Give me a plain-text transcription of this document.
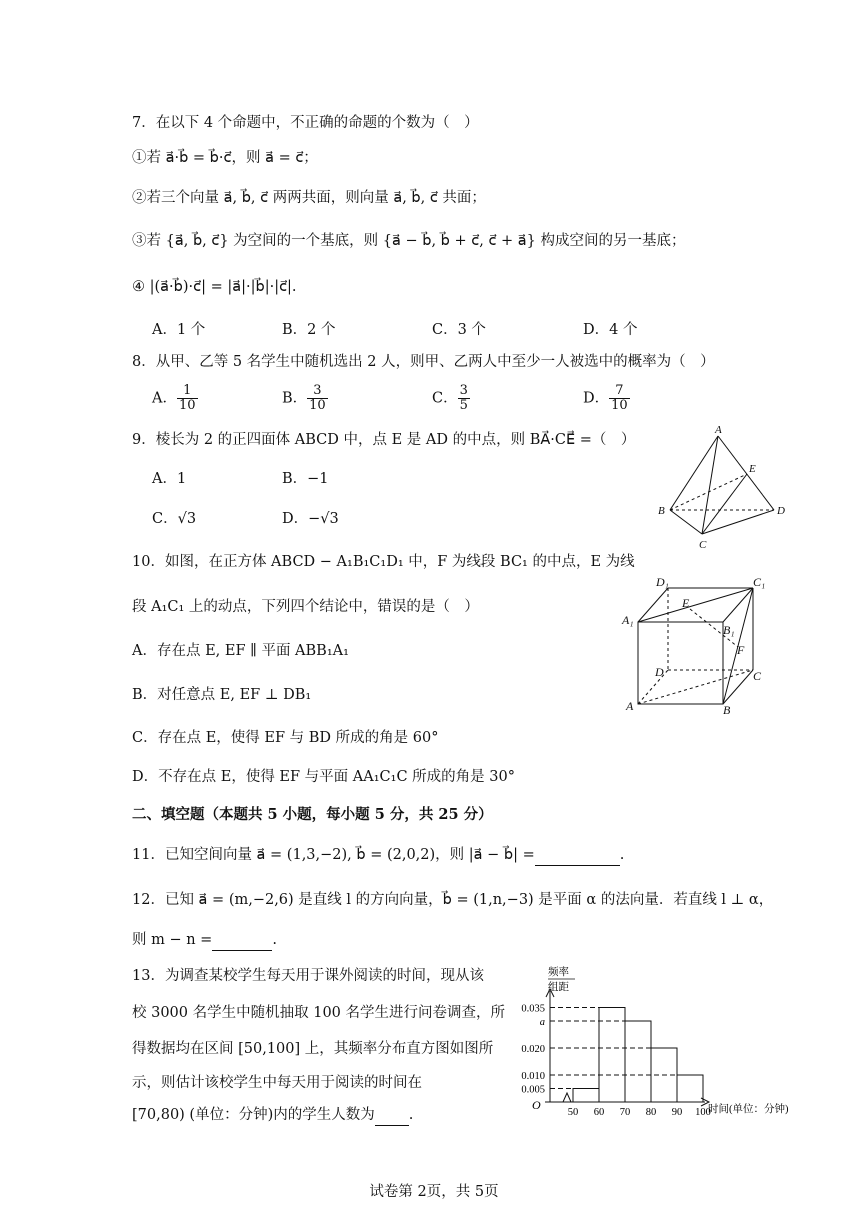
7．在以下 4 个命题中，不正确的命题的个数为（　）
①若 a⃗·b⃗ = b⃗·c⃗，则 a⃗ = c⃗；
②若三个向量 a⃗, b⃗, c⃗ 两两共面，则向量 a⃗, b⃗, c⃗ 共面；
③若 {a⃗, b⃗, c⃗} 为空间的一个基底，则 {a⃗ − b⃗, b⃗ + c⃗, c⃗ + a⃗} 构成空间的另一基底；
④ |(a⃗·b⃗)·c⃗| = |a⃗|·|b⃗|·|c⃗|.
A．1 个	B．2 个	C．3 个	D．4 个
8．从甲、乙等 5 名学生中随机选出 2 人，则甲、乙两人中至少一人被选中的概率为（　）
A． $\frac{1}{10}$	B． $\frac{3}{10}$	C． $\frac{3}{5}$	D． $\frac{7}{10}$
9．棱长为 2 的正四面体 ABCD 中，点 E 是 AD 的中点，则 BA⃗·CE⃗ =（　）
A．1	B．−1
C．√3	D．−√3
A
B
C
D
E
10．如图，在正方体 ABCD − A₁B₁C₁D₁ 中，F 为线段 BC₁ 的中点，E 为线
段 A₁C₁ 上的动点，下列四个结论中，错误的是（　）
A．存在点 E, EF ∥ 平面 ABB₁A₁
B．对任意点 E, EF ⊥ DB₁
C．存在点 E，使得 EF 与 BD 所成的角是 60°
D．不存在点 E，使得 EF 与平面 AA₁C₁C 所成的角是 30°
D₁	C₁
A₁
B₁
E
F
D	C
A	B
二、填空题（本题共 5 小题，每小题 5 分，共 25 分）
11．已知空间向量 a⃗ = (1,3,−2), b⃗ = (2,0,2)，则 |a⃗ − b⃗| =	.
12．已知 a⃗ = (m,−2,6) 是直线 l 的方向向量，b⃗ = (1,n,−3) 是平面 α 的法向量．若直线 l ⊥ α，
则 m − n =	.
13．为调查某校学生每天用于课外阅读的时间，现从该
校 3000 名学生中随机抽取 100 名学生进行问卷调查，所
得数据均在区间 [50,100] 上，其频率分布直方图如图所
示，则估计该校学生中每天用于阅读的时间在
[70,80) (单位：分钟)内的学生人数为 .
频率
组距
O	时间(单位：分钟)
0.005
0.010
0.020
a
0.035
50 60 70 80 90 100
试卷第 2页，共 5页
